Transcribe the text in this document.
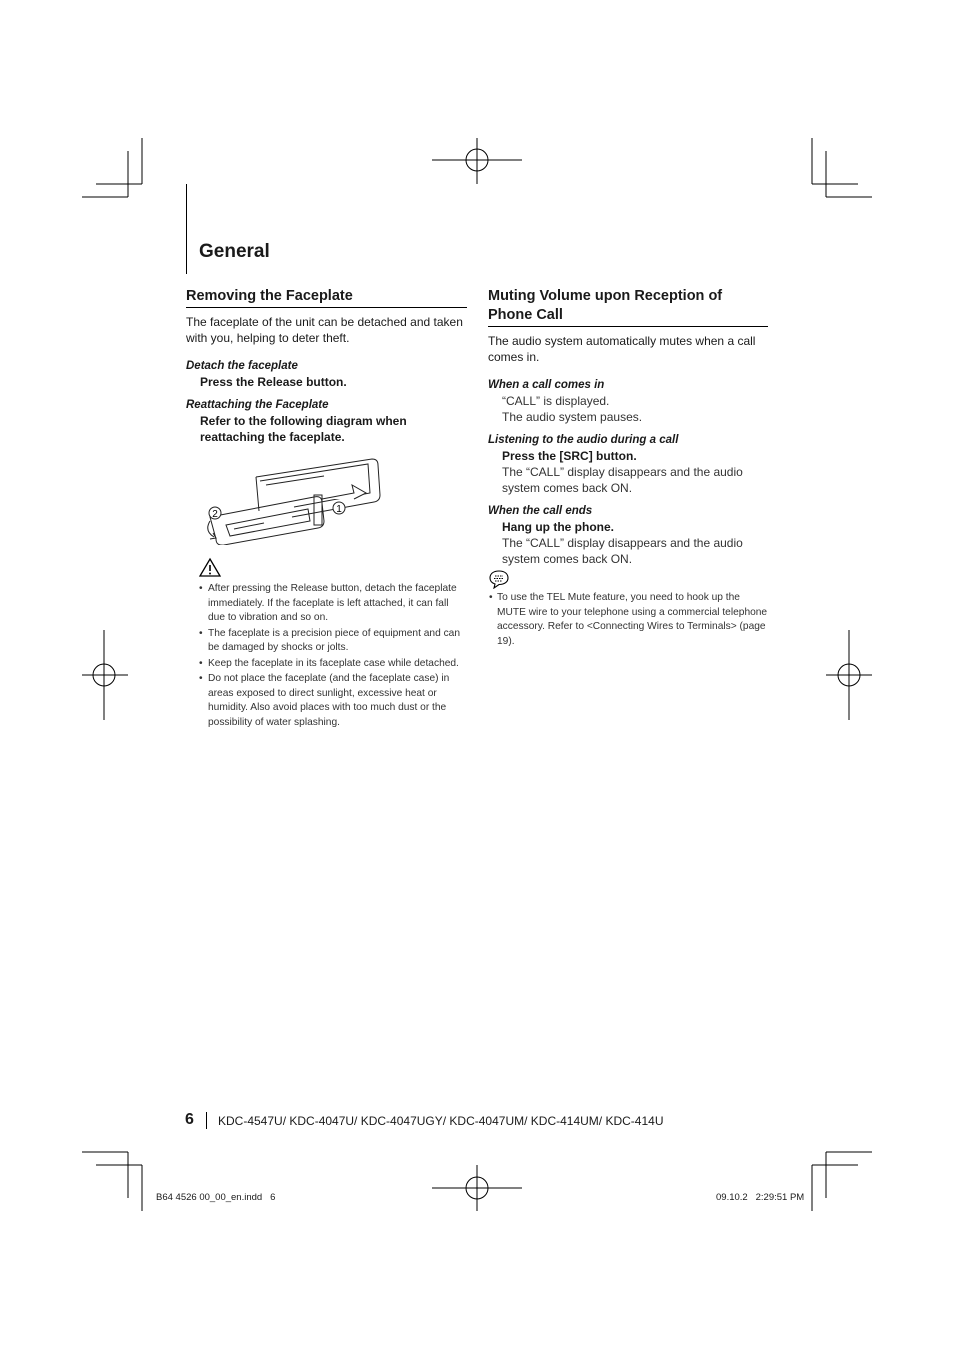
General
Removing the Faceplate

The faceplate of the unit can be detached and taken with you, helping to deter theft.

Detach the faceplate

Press the Release button.

Reattaching the Faceplate

Refer to the following diagram when reattaching the faceplate.

1
2
• After pressing the Release button, detach the faceplate immediately. If the faceplate is left attached, it can fall due to vibration and so on.
• The faceplate is a precision piece of equipment and can be damaged by shocks or jolts.
• Keep the faceplate in its faceplate case while detached.
• Do not place the faceplate (and the faceplate case) in areas exposed to direct sunlight, excessive heat or humidity. Also avoid places with too much dust or the possibility of water splashing.
Muting Volume upon Reception of Phone Call

The audio system automatically mutes when a call comes in.

When a call comes in

“CALL” is displayed.

The audio system pauses.

Listening to the audio during a call

Press the [SRC] button.

The “CALL” display disappears and the audio system comes back ON.

When the call ends

Hang up the phone.

The “CALL” display disappears and the audio system comes back ON.

• To use the TEL Mute feature, you need to hook up the MUTE wire to your telephone using a commercial telephone accessory. Refer to <Connecting Wires to Terminals> (page 19).
6 KDC-4547U/ KDC-4047U/ KDC-4047UGY/ KDC-4047UM/ KDC-414UM/ KDC-414U
B64 4526 00_00_en.indd   6	09.10.2   2:29:51 PM
